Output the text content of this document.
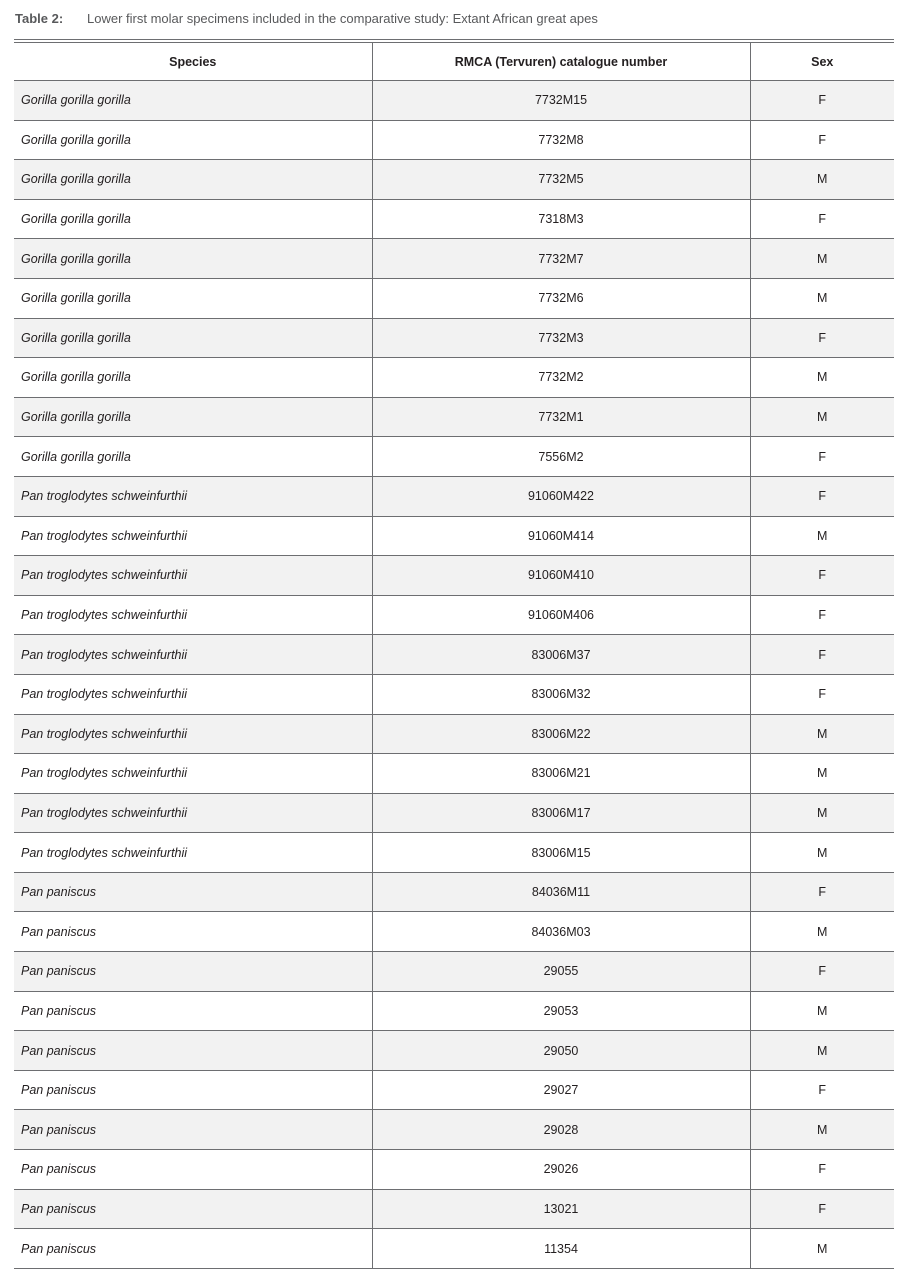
Table 2: Lower first molar specimens included in the comparative study: Extant African great apes
Species	RMCA (Tervuren) catalogue number	Sex
Gorilla gorilla gorilla	7732M15	F
Gorilla gorilla gorilla	7732M8	F
Gorilla gorilla gorilla	7732M5	M
Gorilla gorilla gorilla	7318M3	F
Gorilla gorilla gorilla	7732M7	M
Gorilla gorilla gorilla	7732M6	M
Gorilla gorilla gorilla	7732M3	F
Gorilla gorilla gorilla	7732M2	M
Gorilla gorilla gorilla	7732M1	M
Gorilla gorilla gorilla	7556M2	F
Pan troglodytes schweinfurthii	91060M422	F
Pan troglodytes schweinfurthii	91060M414	M
Pan troglodytes schweinfurthii	91060M410	F
Pan troglodytes schweinfurthii	91060M406	F
Pan troglodytes schweinfurthii	83006M37	F
Pan troglodytes schweinfurthii	83006M32	F
Pan troglodytes schweinfurthii	83006M22	M
Pan troglodytes schweinfurthii	83006M21	M
Pan troglodytes schweinfurthii	83006M17	M
Pan troglodytes schweinfurthii	83006M15	M
Pan paniscus	84036M11	F
Pan paniscus	84036M03	M
Pan paniscus	29055	F
Pan paniscus	29053	M
Pan paniscus	29050	M
Pan paniscus	29027	F
Pan paniscus	29028	M
Pan paniscus	29026	F
Pan paniscus	13021	F
Pan paniscus	11354	M
